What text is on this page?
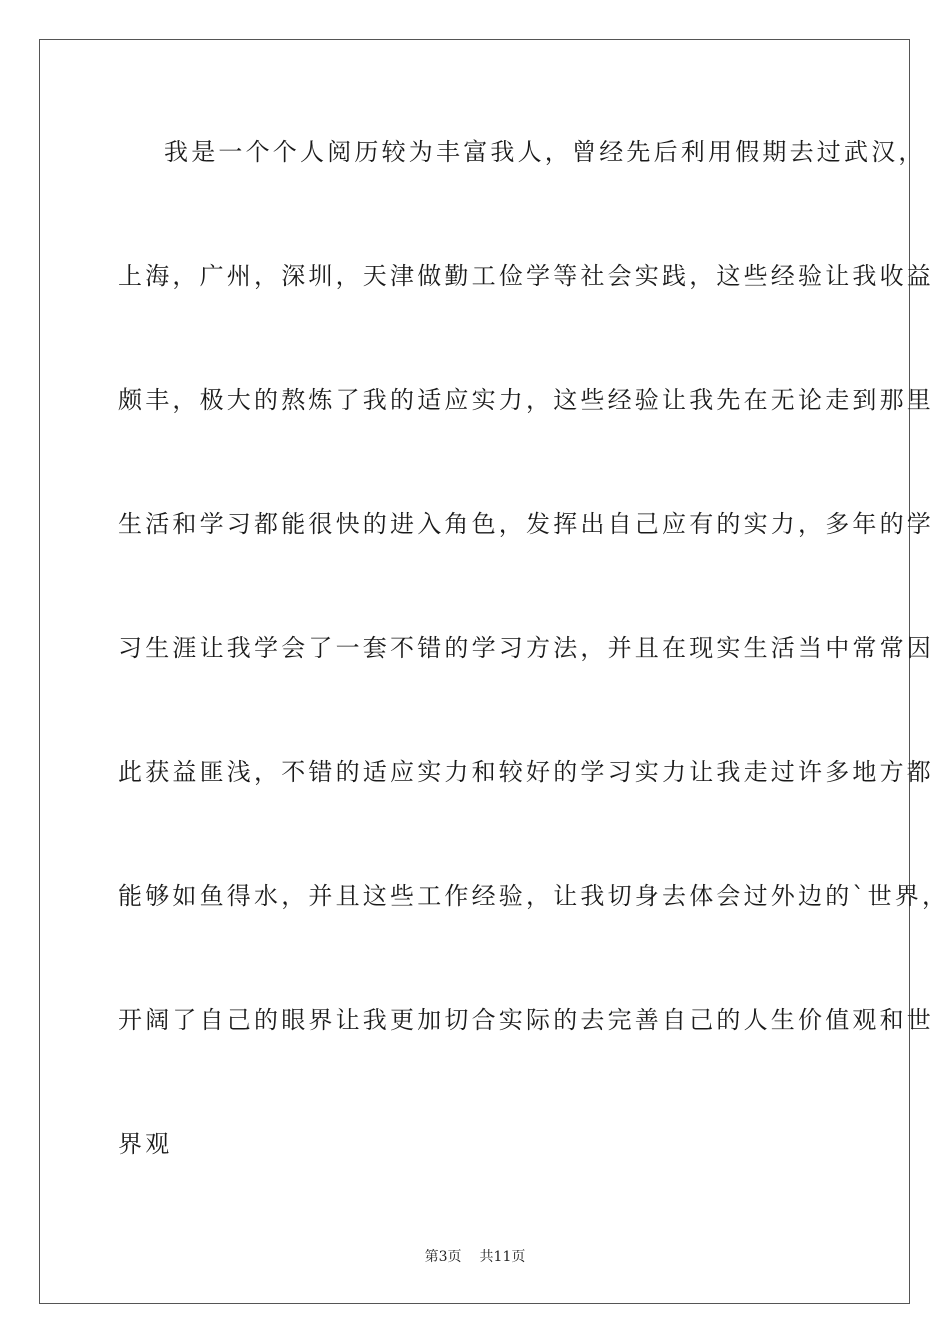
我是一个个人阅历较为丰富我人，曾经先后利用假期去过武汉，
上海，广州，深圳，天津做勤工俭学等社会实践，这些经验让我收益
颇丰，极大的熬炼了我的适应实力，这些经验让我先在无论走到那里
生活和学习都能很快的进入角色，发挥出自己应有的实力，多年的学
习生涯让我学会了一套不错的学习方法，并且在现实生活当中常常因
此获益匪浅，不错的适应实力和较好的学习实力让我走过许多地方都
能够如鱼得水，并且这些工作经验，让我切身去体会过外边的`世界，
开阔了自己的眼界让我更加切合实际的去完善自己的人生价值观和世
界观
第3页 共11页
